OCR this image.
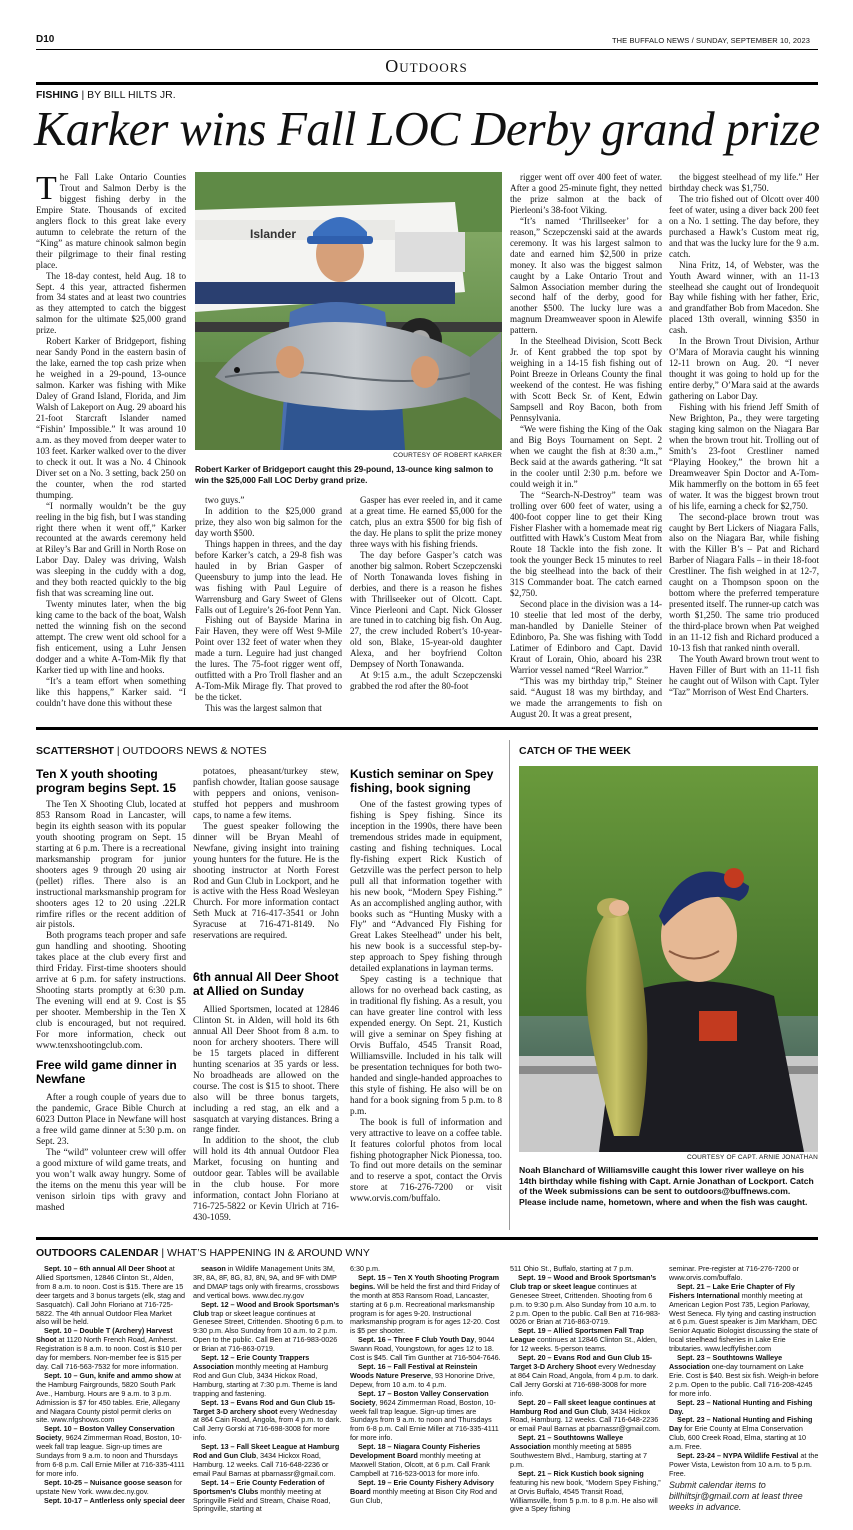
D10	THE BUFFALO NEWS / SUNDAY, SEPTEMBER 10, 2023
Outdoors
FISHING | BY BILL HILTS JR.
Karker wins Fall LOC Derby grand prize
Islander
COURTESY OF ROBERT KARKER
Robert Karker of Bridgeport caught this 29-pound, 13-ounce king salmon to win the $25,000 Fall LOC Derby grand prize.

The Fall Lake Ontario Counties Trout and Salmon Derby is the biggest fishing derby in the Empire State. Thousands of excited anglers flock to this great lake every autumn to celebrate the return of the “King” as mature chinook salmon begin their pilgrimage to their final resting place.

The 18-day contest, held Aug. 18 to Sept. 4 this year, attracted fishermen from 34 states and at least two countries as they attempted to catch the biggest salmon for the ultimate $25,000 grand prize.

Robert Karker of Bridgeport, fishing near Sandy Pond in the eastern basin of the lake, earned the top cash prize when he weighed in a 29-pound, 13-ounce salmon. Karker was fishing with Mike Daley of Grand Island, Florida, and Jim Walsh of Lakeport on Aug. 29 aboard his 21-foot Starcraft Islander named “Fishin’ Impossible.” It was around 10 a.m. as they moved from deeper water to 103 feet. Karker walked over to the diver to check it out. It was a No. 4 Chinook Diver set on a No. 3 setting, back 250 on the counter, when the rod started thumping.

“I normally wouldn’t be the guy reeling in the big fish, but I was standing right there when it went off,” Karker recounted at the awards ceremony held at Riley’s Bar and Grill in North Rose on Labor Day. Daley was driving, Walsh was sleeping in the cuddy with a dog, and they both reacted quickly to the big fish that was screaming line out.

Twenty minutes later, when the big king came to the back of the boat, Walsh netted the winning fish on the second attempt. The crew went old school for a fish enticement, using a Luhr Jensen dodger and a white A-Tom-Mik fly that Karker tied up with line and hooks.

“It’s a team effort when something like this happens,” Karker said. “I couldn’t have done this without these

two guys.”

In addition to the $25,000 grand prize, they also won big salmon for the day worth $500.

Things happen in threes, and the day before Karker’s catch, a 29-8 fish was hauled in by Brian Gasper of Queensbury to jump into the lead. He was fishing with Paul Leguire of Warrensburg and Gary Sweet of Glens Falls out of Leguire’s 26-foot Penn Yan.

Fishing out of Bayside Marina in Fair Haven, they were off West 9-Mile Point over 132 feet of water when they made a turn. Leguire had just changed the lures. The 75-foot rigger went off, outfitted with a Pro Troll flasher and an A-Tom-Mik Mirage fly. That proved to be the ticket.

This was the largest salmon that

Gasper has ever reeled in, and it came at a great time. He earned $5,000 for the catch, plus an extra $500 for big fish of the day. He plans to split the prize money three ways with his fishing friends.

The day before Gasper’s catch was another big salmon. Robert Sczepczenski of North Tonawanda loves fishing in derbies, and there is a reason he fishes with Thrillseeker out of Olcott. Capt. Vince Pierleoni and Capt. Nick Glosser are tuned in to catching big fish. On Aug. 27, the crew included Robert’s 10-year-old son, Blake, 15-year-old daughter Alexa, and her boyfriend Colton Dempsey of North Tonawanda.

At 9:15 a.m., the adult Sczepczenski grabbed the rod after the 80-foot

rigger went off over 400 feet of water. After a good 25-minute fight, they netted the prize salmon at the back of Pierleoni’s 38-foot Viking.

“It’s named ‘Thrillseeker’ for a reason,” Sczepczenski said at the awards ceremony. It was his largest salmon to date and earned him $2,500 in prize money. It also was the biggest salmon caught by a Lake Ontario Trout and Salmon Association member during the second half of the derby, good for another $500. The lucky lure was a magnum Dreamweaver spoon in Alewife pattern.

In the Steelhead Division, Scott Beck Jr. of Kent grabbed the top spot by weighing in a 14-15 fish fishing out of Point Breeze in Orleans County the final weekend of the contest. He was fishing with Scott Beck Sr. of Kent, Edwin Sampsell and Roy Bacon, both from Pennsylvania.

“We were fishing the King of the Oak and Big Boys Tournament on Sept. 2 when we caught the fish at 8:30 a.m.,” Beck said at the awards gathering. “It sat in the cooler until 2:30 p.m. before we could weigh it in.”

The “Search-N-Destroy” team was trolling over 600 feet of water, using a 400-foot copper line to get their King Fisher Flasher with a homemade meat rig outfitted with Hawk’s Custom Meat from Route 18 Tackle into the fish zone. It took the younger Beck 15 minutes to reel the big steelhead into the back of their 31S Commander boat. The catch earned $2,750.

Second place in the division was a 14-10 steelie that led most of the derby, man-handled by Danielle Steiner of Edinboro, Pa. She was fishing with Todd Latimer of Edinboro and Capt. David Kraut of Lorain, Ohio, aboard his 23R Warrior vessel named “Reel Warrior.”

“This was my birthday trip,” Steiner said. “August 18 was my birthday, and we made the arrangements to fish on August 20. It was a great present,

the biggest steelhead of my life.” Her birthday check was $1,750.

The trio fished out of Olcott over 400 feet of water, using a diver back 200 feet on a No. 1 setting. The day before, they purchased a Hawk’s Custom meat rig, and that was the lucky lure for the 9 a.m. catch.

Nina Fritz, 14, of Webster, was the Youth Award winner, with an 11-13 steelhead she caught out of Irondequoit Bay while fishing with her father, Eric, and grandfather Bob from Macedon. She placed 13th overall, winning $350 in cash.

In the Brown Trout Division, Arthur O’Mara of Moravia caught his winning 12-11 brown on Aug. 20. “I never thought it was going to hold up for the entire derby,” O’Mara said at the awards gathering on Labor Day.

Fishing with his friend Jeff Smith of New Brighton, Pa., they were targeting staging king salmon on the Niagara Bar when the brown trout hit. Trolling out of Smith’s 23-foot Crestliner named “Playing Hookey,” the brown hit a Dreamweaver Spin Doctor and A-Tom-Mik hammerfly on the bottom in 65 feet of water. It was the biggest brown trout of his life, earning a check for $2,750.

The second-place brown trout was caught by Bert Lickers of Niagara Falls, also on the Niagara Bar, while fishing with the Killer B’s – Pat and Richard Barber of Niagara Falls – in their 18-foot Crestliner. The fish weighed in at 12-7, caught on a Thompson spoon on the bottom where the preferred temperature presented itself. The runner-up catch was worth $1,250. The same trio produced the third-place brown when Pat weighed in an 11-12 fish and Richard produced a 10-13 fish that ranked ninth overall.

The Youth Award brown trout went to Haven Filler of Burt with an 11-11 fish he caught out of Wilson with Capt. Tyler “Taz” Morrison of West End Charters.

SCATTERSHOT | OUTDOORS NEWS & NOTES
Ten X youth shooting program begins Sept. 15

The Ten X Shooting Club, located at 853 Ransom Road in Lancaster, will begin its eighth season with its popular youth shooting program on Sept. 15 starting at 6 p.m. There is a recreational marksmanship program for junior shooters ages 9 through 20 using air (pellet) rifles. There also is an instructional marksmanship program for shooters ages 12 to 20 using .22LR rimfire rifles or the recent addition of air pistols.

Both programs teach proper and safe gun handling and shooting. Shooting takes place at the club every first and third Friday. First-time shooters should arrive at 6 p.m. for safety instructions. Shooting starts promptly at 6:30 p.m. The evening will end at 9. Cost is $5 per shooter. Membership in the Ten X club is encouraged, but not required. For more information, check out www.tenxshootingclub.com.

Free wild game dinner in Newfane

After a rough couple of years due to the pandemic, Grace Bible Church at 6023 Dutton Place in Newfane will host a free wild game dinner at 5:30 p.m. on Sept. 23.

The “wild” volunteer crew will offer a good mixture of wild game treats, and you won’t walk away hungry. Some of the items on the menu this year will be venison sirloin tips with gravy and mashed

potatoes, pheasant/turkey stew, panfish chowder, Italian goose sausage with peppers and onions, venison-stuffed hot peppers and mushroom caps, to name a few items.

The guest speaker following the dinner will be Bryan Meahl of Newfane, giving insight into training young hunters for the future. He is the shooting instructor at North Forest Rod and Gun Club in Lockport, and he is active with the Hess Road Wesleyan Church. For more information contact Seth Muck at 716-417-3541 or John Syracuse at 716-471-8149. No reservations are required.

6th annual All Deer Shoot at Allied on Sunday

Allied Sportsmen, located at 12846 Clinton St. in Alden, will hold its 6th annual All Deer Shoot from 8 a.m. to noon for archery shooters. There will be 15 targets placed in different hunting scenarios at 35 yards or less. No broadheads are allowed on the course. The cost is $15 to shoot. There also will be three bonus targets, including a red stag, an elk and a sasquatch at varying distances. Bring a range finder.

In addition to the shoot, the club will hold its 4th annual Outdoor Flea Market, focusing on hunting and outdoor gear. Tables will be available in the club house. For more information, contact John Floriano at 716-725-5822 or Kevin Ulrich at 716-430-1059.

Kustich seminar on Spey fishing, book signing

One of the fastest growing types of fishing is Spey fishing. Since its inception in the 1990s, there have been tremendous strides made in equipment, casting and fishing techniques. Local fly-fishing expert Rick Kustich of Getzville was the perfect person to help pull all that information together with his new book, “Modern Spey Fishing.” As an accomplished angling author, with books such as “Hunting Musky with a Fly” and “Advanced Fly Fishing for Great Lakes Steelhead” under his belt, his new book is a successful step-by-step approach to Spey fishing through detailed explanations in layman terms.

Spey casting is a technique that allows for no overhead back casting, as in traditional fly fishing. As a result, you can have greater line control with less expended energy. On Sept. 21, Kustich will give a seminar on Spey fishing at Orvis Buffalo, 4545 Transit Road, Williamsville. Included in his talk will be presentation techniques for both two-handed and single-handed approaches to this style of fishing. He also will be on hand for a book signing from 5 p.m. to 8 p.m.

The book is full of information and very attractive to leave on a coffee table. It features colorful photos from local fishing photographer Nick Pionessa, too. To find out more details on the seminar and to reserve a spot, contact the Orvis store at 716-276-7200 or visit www.orvis.com/buffalo.

CATCH OF THE WEEK
COURTESY OF CAPT. ARNIE JONATHAN
Noah Blanchard of Williamsville caught this lower river walleye on his 14th birthday while fishing with Capt. Arnie Jonathan of Lockport. Catch of the Week submissions can be sent to outdoors@buffnews.com. Please include name, hometown, where and when the fish was caught.
OUTDOORS CALENDAR | WHAT’S HAPPENING IN & AROUND WNY

Sept. 10 – 6th annual All Deer Shoot at Allied Sportsmen, 12846 Clinton St., Alden, from 8 a.m. to noon. Cost is $15. There are 15 deer targets and 3 bonus targets (elk, stag and Sasquatch). Call John Floriano at 716-725-5822. The 4th annual Outdoor Flea Market also will be held.

Sept. 10 – Double T (Archery) Harvest Shoot at 1120 North French Road, Amherst. Registration is 8 a.m. to noon. Cost is $10 per day for members. Non-member fee is $15 per day. Call 716-563-7532 for more information.

Sept. 10 – Gun, knife and ammo show at the Hamburg Fairgrounds, 5820 South Park Ave., Hamburg. Hours are 9 a.m. to 3 p.m. Admission is $7 for 450 tables. Erie, Allegany and Niagara County pistol permit clerks on site. www.nfgshows.com

Sept. 10 – Boston Valley Conservation Society, 9624 Zimmerman Road, Boston, 10-week fall trap league. Sign-up times are Sundays from 9 a.m. to noon and Thursdays from 6-8 p.m. Call Ernie Miller at 716-335-4111 for more info.

Sept. 10-25 – Nuisance goose season for upstate New York. www.dec.ny.gov.

Sept. 10-17 – Antlerless only special deer

season in Wildlife Management Units 3M, 3R, 8A, 8F, 8G, 8J, 8N, 9A, and 9F with DMP and DMAP tags only with firearms, crossbows and vertical bows. www.dec.ny.gov

Sept. 12 – Wood and Brook Sportsman’s Club trap or skeet league continues at Genesee Street, Crittenden. Shooting 6 p.m. to 9:30 p.m. Also Sunday from 10 a.m. to 2 p.m. Open to the public. Call Ben at 716-983-0026 or Brian at 716-863-0719.

Sept. 12 – Erie County Trappers Association monthly meeting at Hamburg Rod and Gun Club, 3434 Hickox Road, Hamburg, starting at 7:30 p.m. Theme is land trapping and fastening.

Sept. 13 – Evans Rod and Gun Club 15-Target 3-D archery shoot every Wednesday at 864 Cain Road, Angola, from 4 p.m. to dark. Call Jerry Gorski at 716-698-3008 for more info.

Sept. 13 – Fall Skeet League at Hamburg Rod and Gun Club, 3434 Hickox Road, Hamburg. 12 weeks. Call 716-648-2236 or email Paul Barnas at pbarnassr@gmail.com.

Sept. 14 – Erie County Federation of Sportsmen’s Clubs monthly meeting at Springville Field and Stream, Chaise Road, Springville, starting at

6:30 p.m.

Sept. 15 – Ten X Youth Shooting Program begins. Will be held the first and third Friday of the month at 853 Ransom Road, Lancaster, starting at 6 p.m. Recreational marksmanship program is for ages 9-20. Instructional marksmanship program is for ages 12-20. Cost is $5 per shooter.

Sept. 16 – Three F Club Youth Day, 9044 Swann Road, Youngstown, for ages 12 to 18. Cost is $45. Call Tim Gunther at 716-504-7646.

Sept. 16 – Fall Festival at Reinstein Woods Nature Preserve, 93 Honorine Drive, Depew, from 10 a.m. to 4 p.m.

Sept. 17 – Boston Valley Conservation Society, 9624 Zimmerman Road, Boston, 10-week fall trap league. Sign-up times are Sundays from 9 a.m. to noon and Thursdays from 6-8 p.m. Call Ernie Miller at 716-335-4111 for more info.

Sept. 18 – Niagara County Fisheries Development Board monthly meeting at Maxwell Station, Olcott, at 6 p.m. Call Frank Campbell at 716-523-0013 for more info.

Sept. 19 – Erie County Fishery Advisory Board monthly meeting at Bison City Rod and Gun Club,

511 Ohio St., Buffalo, starting at 7 p.m.

Sept. 19 – Wood and Brook Sportsman’s Club trap or skeet league continues at Genesee Street, Crittenden. Shooting from 6 p.m. to 9:30 p.m. Also Sunday from 10 a.m. to 2 p.m. Open to the public. Call Ben at 716-983-0026 or Brian at 716-863-0719.

Sept. 19 – Allied Sportsmen Fall Trap League continues at 12846 Clinton St., Alden, for 12 weeks. 5-person teams.

Sept. 20 – Evans Rod and Gun Club 15-Target 3-D Archery Shoot every Wednesday at 864 Cain Road, Angola, from 4 p.m. to dark. Call Jerry Gorski at 716-698-3008 for more info.

Sept. 20 – Fall skeet league continues at Hamburg Rod and Gun Club, 3434 Hickox Road, Hamburg. 12 weeks. Call 716-648-2236 or email Paul Barnas at pbarnassr@gmail.com.

Sept. 21 – Southtowns Walleye Association monthly meeting at 5895 Southwestern Blvd., Hamburg, starting at 7 p.m.

Sept. 21 – Rick Kustich book signing featuring his new book, “Modern Spey Fishing,” at Orvis Buffalo, 4545 Transit Road, Williamsville, from 5 p.m. to 8 p.m. He also will give a Spey fishing

seminar. Pre-register at 716-276-7200 or www.orvis.com/buffalo.

Sept. 21 – Lake Erie Chapter of Fly Fishers International monthly meeting at American Legion Post 735, Legion Parkway, West Seneca. Fly tying and casting instruction at 6 p.m. Guest speaker is Jim Markham, DEC Senior Aquatic Biologist discussing the state of local steelhead fisheries in Lake Erie tributaries. www.lecffyfisher.com

Sept. 23 – Southtowns Walleye Association one-day tournament on Lake Erie. Cost is $40. Best six fish. Weigh-in before 2 p.m. Open to the public. Call 716-208-4245 for more info.

Sept. 23 – National Hunting and Fishing Day.

Sept. 23 – National Hunting and Fishing Day for Erie County at Elma Conservation Club, 600 Creek Road, Elma, starting at 10 a.m. Free.

Sept. 23-24 – NYPA Wildlife Festival at the Power Vista, Lewiston from 10 a.m. to 5 p.m. Free.

Submit calendar items to billhiltsjr@gmail.com at least three weeks in advance.
